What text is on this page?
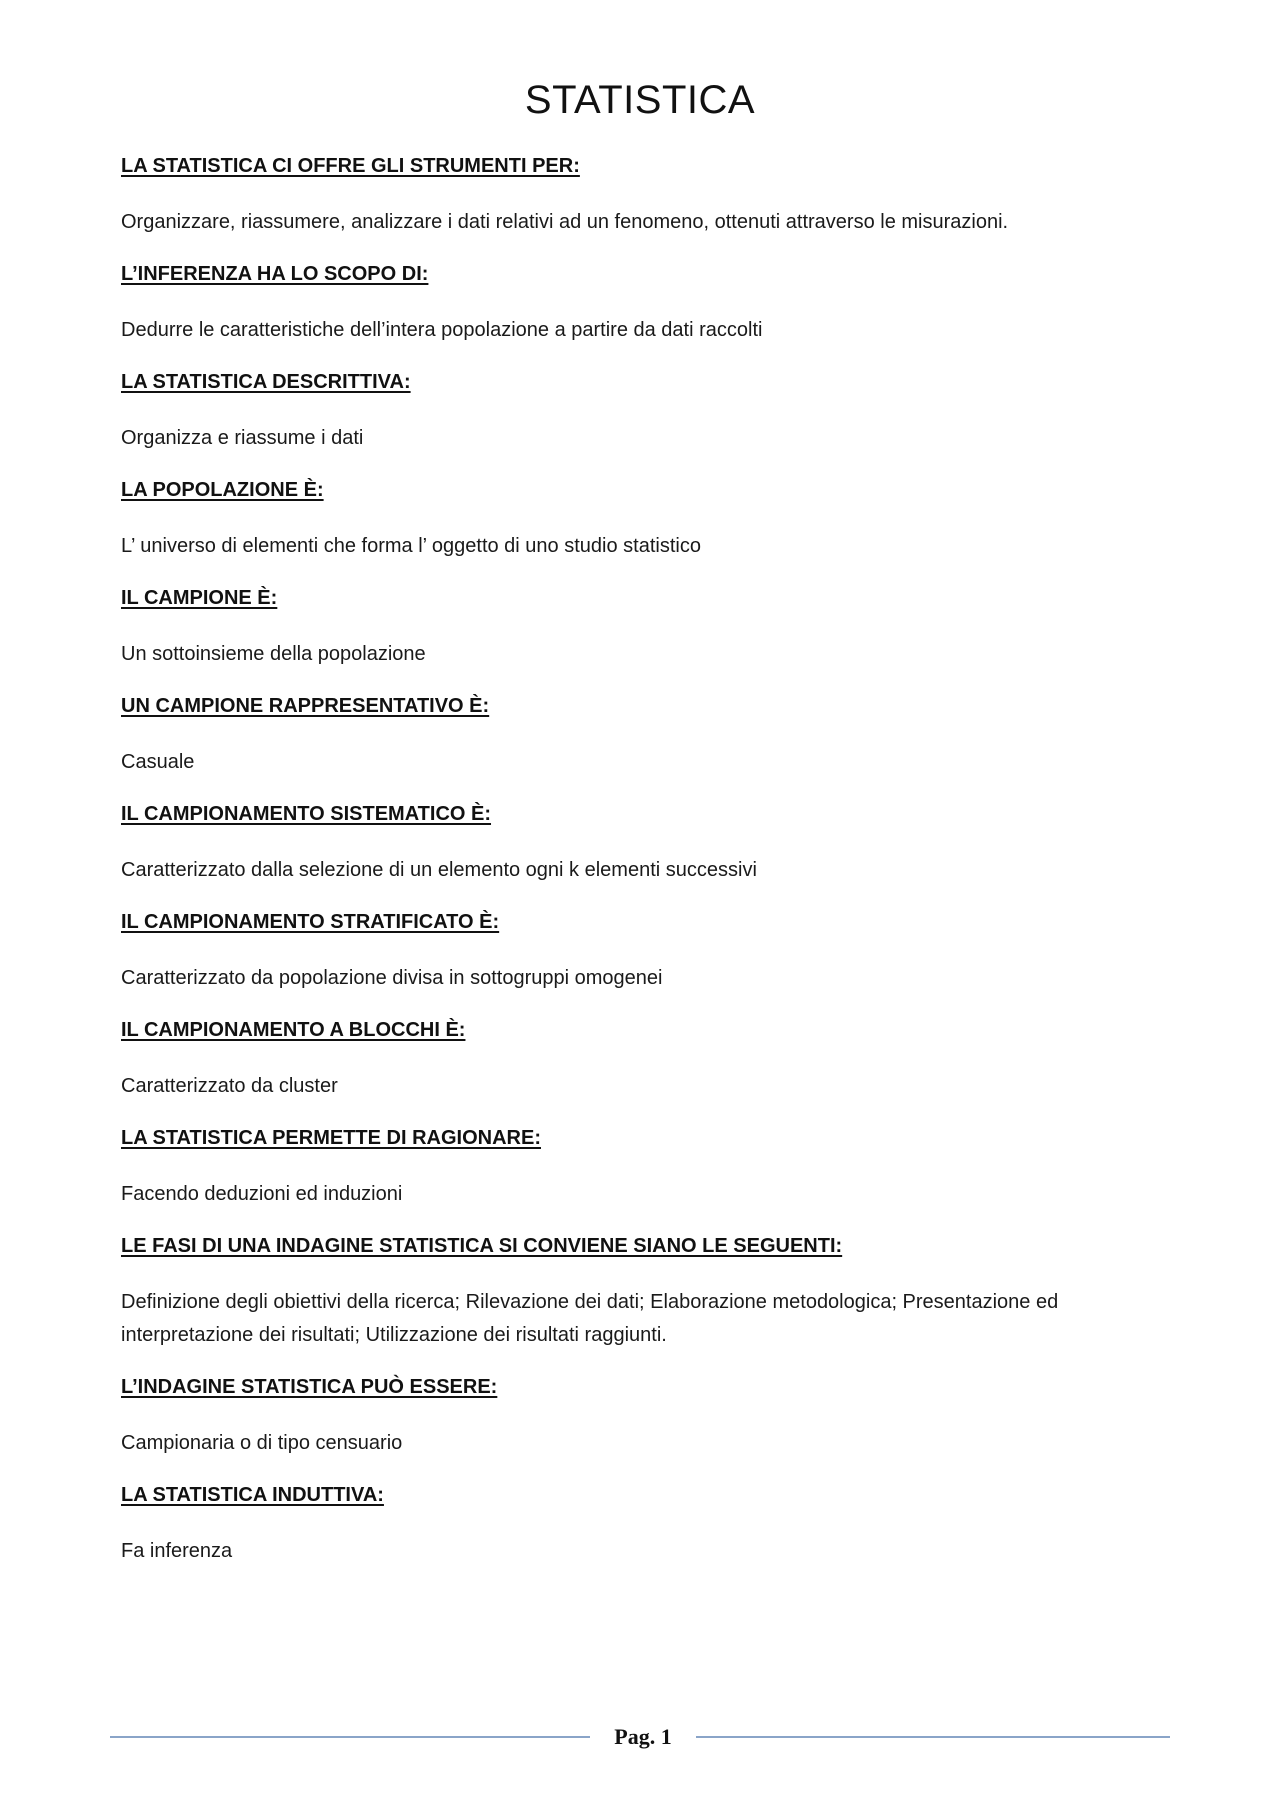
STATISTICA
LA STATISTICA CI OFFRE GLI STRUMENTI PER:
Organizzare, riassumere, analizzare i dati relativi ad un fenomeno, ottenuti attraverso le misurazioni.
L’INFERENZA HA LO SCOPO DI:
Dedurre le caratteristiche dell’intera popolazione a partire da dati raccolti
LA STATISTICA DESCRITTIVA:
Organizza e riassume i dati
LA POPOLAZIONE È:
L’ universo di elementi che forma l’ oggetto di uno studio statistico
IL CAMPIONE È:
Un sottoinsieme della popolazione
UN CAMPIONE RAPPRESENTATIVO È:
Casuale
IL CAMPIONAMENTO SISTEMATICO È:
Caratterizzato dalla selezione di un elemento ogni k elementi successivi
IL CAMPIONAMENTO STRATIFICATO È:
Caratterizzato da popolazione divisa in sottogruppi omogenei
IL CAMPIONAMENTO A BLOCCHI È:
Caratterizzato da cluster
LA STATISTICA PERMETTE DI RAGIONARE:
Facendo deduzioni ed induzioni
LE FASI DI UNA INDAGINE STATISTICA SI CONVIENE SIANO LE SEGUENTI:
Definizione degli obiettivi della ricerca; Rilevazione dei dati; Elaborazione metodologica; Presentazione ed interpretazione dei risultati; Utilizzazione dei risultati raggiunti.
L’INDAGINE STATISTICA PUÒ ESSERE:
Campionaria o di tipo censuario
LA STATISTICA INDUTTIVA:
Fa inferenza
Pag. 1
